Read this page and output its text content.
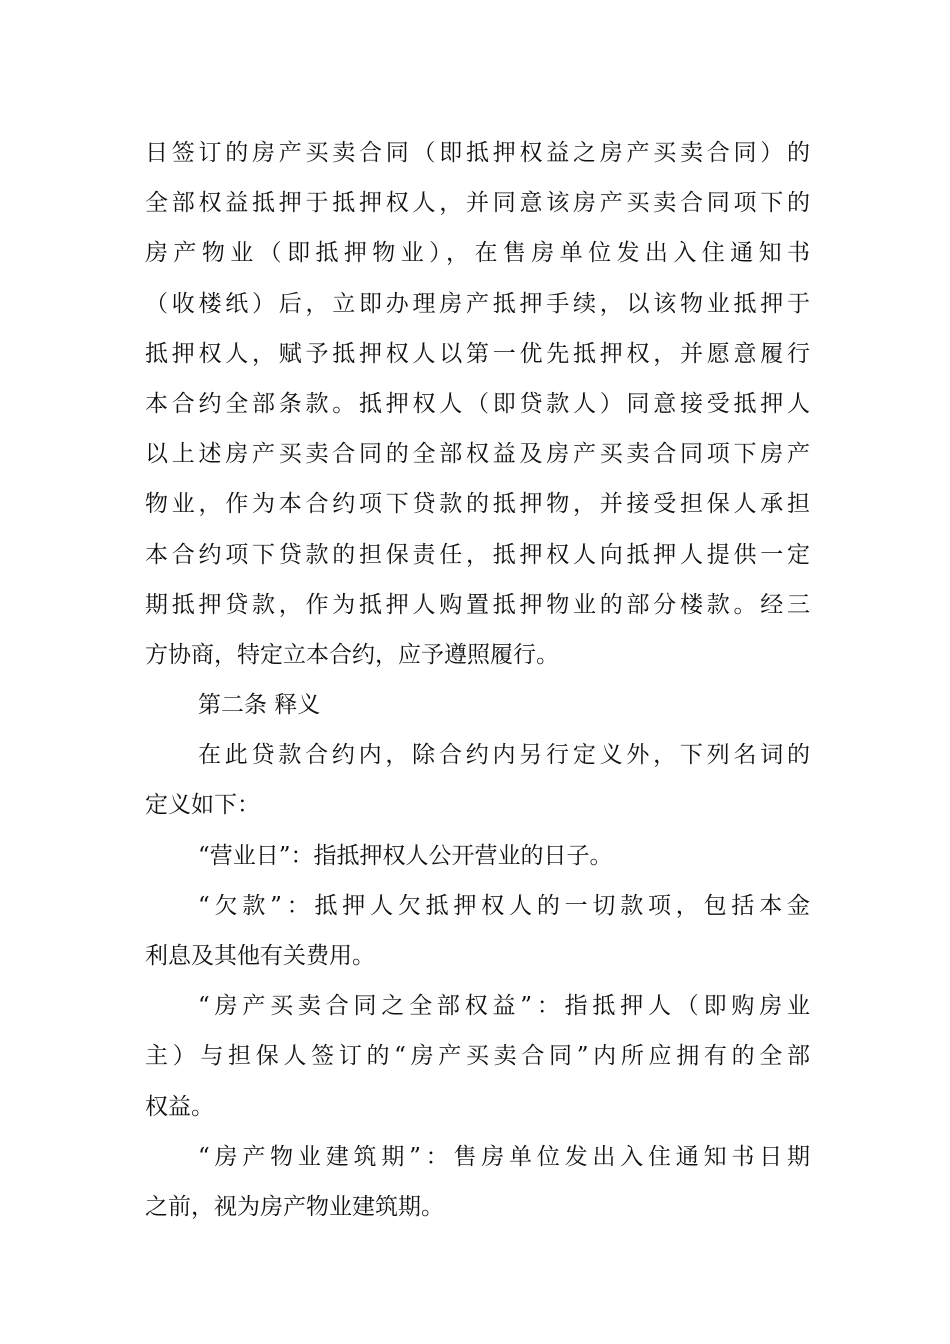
日签订的房产买卖合同（即抵押权益之房产买卖合同）的
全部权益抵押于抵押权人，并同意该房产买卖合同项下的
房产物业（即抵押物业），在售房单位发出入住通知书
（收楼纸）后，立即办理房产抵押手续，以该物业抵押于
抵押权人，赋予抵押权人以第一优先抵押权，并愿意履行
本合约全部条款。抵押权人（即贷款人）同意接受抵押人
以上述房产买卖合同的全部权益及房产买卖合同项下房产
物业，作为本合约项下贷款的抵押物，并接受担保人承担
本合约项下贷款的担保责任，抵押权人向抵押人提供一定
期抵押贷款，作为抵押人购置抵押物业的部分楼款。经三
方协商，特定立本合约，应予遵照履行。
第二条 释义
在此贷款合约内，除合约内另行定义外，下列名词的
定义如下：
“营业日”：指抵押权人公开营业的日子。
“欠款”：抵押人欠抵押权人的一切款项，包括本金
利息及其他有关费用。
“房产买卖合同之全部权益”：指抵押人（即购房业
主）与担保人签订的“房产买卖合同”内所应拥有的全部
权益。
“房产物业建筑期”：售房单位发出入住通知书日期
之前，视为房产物业建筑期。
